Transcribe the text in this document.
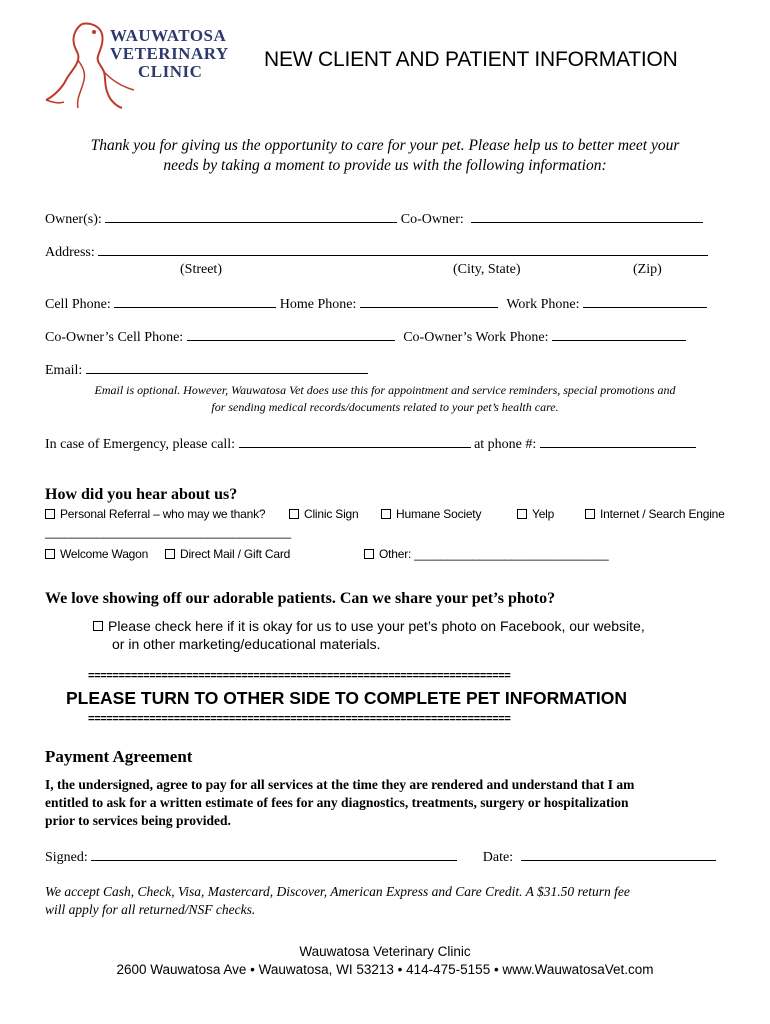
WAUWATOSA
VETERINARY
CLINIC
NEW CLIENT AND PATIENT INFORMATION
Thank you for giving us the opportunity to care for your pet. Please help us to better meet your
needs by taking a moment to provide us with the following information:
Owner(s):	Co-Owner:
Address:
(Street)	(City, State)	(Zip)
Cell Phone:	Home Phone:	Work Phone:
Co-Owner’s Cell Phone:	Co-Owner’s Work Phone:
Email:
Email is optional. However, Wauwatosa Vet does use this for appointment and service reminders, special promotions and
for sending medical records/documents related to your pet’s health care.
In case of Emergency, please call:	at phone #:
How did you hear about us?
Personal Referral – who may we thank?	Clinic Sign	Humane Society	Yelp	Internet / Search Engine
______________________________________
Welcome Wagon	Direct Mail / Gift Card	Other: ______________________________
We love showing off our adorable patients. Can we share your pet’s photo?
Please check here if it is okay for us to use your pet’s photo on Facebook, our website,
or in other marketing/educational materials.
=====================================================================
PLEASE TURN TO OTHER SIDE TO COMPLETE PET INFORMATION
=====================================================================
Payment Agreement
I, the undersigned, agree to pay for all services at the time they are rendered and understand that I am
entitled to ask for a written estimate of fees for any diagnostics, treatments, surgery or hospitalization
prior to services being provided.
Signed:	Date:
We accept Cash, Check, Visa, Mastercard, Discover, American Express and Care Credit. A $31.50 return fee
will apply for all returned/NSF checks.
Wauwatosa Veterinary Clinic
2600 Wauwatosa Ave • Wauwatosa, WI 53213 • 414-475-5155 • www.WauwatosaVet.com
